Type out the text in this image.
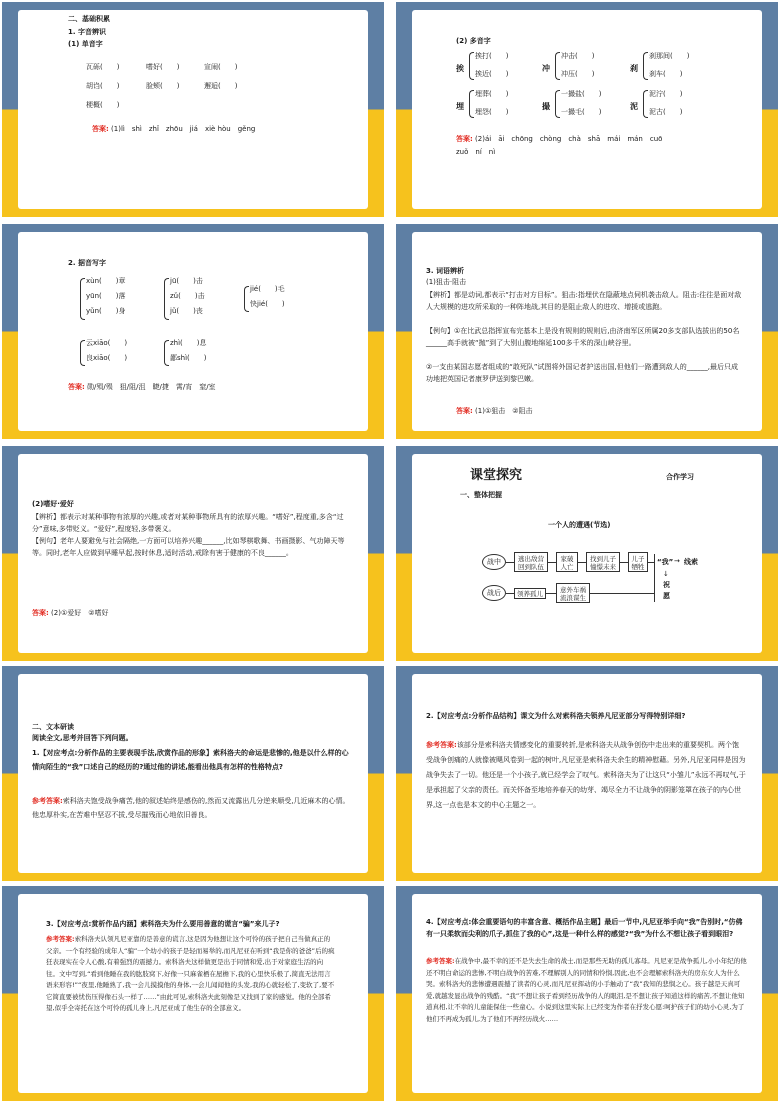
二、基础积累
1. 字音辨识
(1) 单音字
瓦砾(　　)	嗜好(　　)	宣闹(　　)
胡诌(　　)	脸颊(　　)	邂逅(　　)
梗概(　　)
答案: (1)lì　shì　zhǐ　zhōu　jiá　xiè hòu　gěng
(2) 多音字
挨
挨打(　　)
挨近(　　)
冲
冲击(　　)
冲压(　　)
刹
刹那间(　　)
刹车(　　)
埋
埋葬(　　)
埋怨(　　)
撮
一撮盐(　　)
一撮毛(　　)
泥
泥泞(　　)
泥古(　　)
答案: (2)ái　āi　chōng　chòng　chà　shā　mái　mán　cuō
zuǒ　ní　nì
2. 据音写字
xùn(　　)章
yūn(　　)落
yǔn(　　)身
jū(　　)击
zǔ(　　)击
jǔ(　　)丧
jié(　　)毛
快jié(　　)
云xiāo(　　)
良xiāo(　　)
zhì(　　)息
鄙shì(　　)
答案: 勋/殒/殒　狙/阻/沮　睫/捷　霄/宵　窒/室
3. 词语辨析
(1)狙击·阻击
【辨析】都是动词,都表示“打击对方目标”。狙击:指埋伏在隐蔽地点伺机袭击敌人。阻击:往往是面对敌人大规模的进攻所采取的一种阵地战,其目的是阻止敌人的进攻、增援或逃跑。
【例句】①在比武总指挥宣布完基本上是没有规则的规则后,由济南军区所属20多支部队选拔出的50名______高手就被“抛”到了大别山腹地绵延100多千米的深山峡谷里。
②一支由某国志愿者组成的“敢死队”试图将外国记者护送出国,但他们一路遭到敌人的______,最后只成功地把英国记者康罗伊送到黎巴嫩。
答案: (1)①狙击　②阻击
(2)嗜好·爱好
【辨析】都表示对某种事物有浓厚的兴趣,或者对某种事物所具有的浓厚兴趣。“嗜好”,程度重,多含“过分”意味,多带贬义。“爱好”,程度轻,多带褒义。
【例句】老年人要避免与社会隔绝,一方面可以培养兴趣______,比如琴棋歌舞、书画摄影、气功障天等等。同时,老年人应做到早睡早起,按时休息,适时活动,戒除有害于健康的不良______。
答案: (2)①爱好　②嗜好
课堂探究	合作学习
一、整体把握
一个人的遭遇(节选)
战中
战后
逃出敌营
回到队伍
家破
人亡
找到儿子
憧憬未来
儿子
牺牲
领养孤儿	意外车祸
流浪谋生
“我” → 线索
↓
祝
愿
二、文本研读
阅读全文,思考并回答下列问题。
1.【对应考点:分析作品的主要表现手法,欣赏作品的形象】索科洛夫的命运是悲惨的,他是以什么样的心情向陌生的“我”口述自己的经历的?通过他的讲述,能看出他具有怎样的性格特点?
参考答案:索科洛夫饱受战争痛苦,他的叙述始终是感伤的,然而又流露出几分逆来顺受,几近麻木的心情。他忠厚朴实,在苦难中坚忍不拔,受尽摧残而心地依旧善良。
2.【对应考点:分析作品结构】课文为什么对索科洛夫领养凡尼亚部分写得特别详细?
参考答案:该部分是索科洛夫情感变化的重要转折,是索科洛夫从战争创伤中走出来的重要契机。两个饱受战争创痛的人就像被飓风卷到一起的树叶,凡尼亚是索科洛夫余生的精神慰藉。另外,凡尼亚同样是因为战争失去了一切。他还是一个小孩子,就已经学会了叹气。索科洛夫为了让这只“小雏儿”永远不再叹气,于是承担起了父亲的责任。而关怀备至地培养春天的幼芽、竭尽全力不让战争的阴影笼罩在孩子的内心世界,这一点也是本文的中心主题之一。
3.【对应考点:赏析作品内涵】索科洛夫为什么要用善意的谎言“骗”来儿子?
参考答案:索科洛夫认领凡尼亚靠的是善意的谎言,这是因为他想让这个可怜的孩子把自己当做真正的父亲。一个有经验的成年人“骗”一个幼小的孩子是轻而易举的,而凡尼亚在听到“我是你的爸爸”后的疯狂表现实在令人心酸,有着强烈的震撼力。索科洛夫这样做更是出于同情和爱,出于对家庭生活的向往。文中写到,“看到他睡在我的肱肢窝下,好像一只麻雀栖在屋檐下,我的心里快乐极了,简直无法用言语来形容!”“夜里,他睡熟了,我一会儿摸摸他的身体,一会儿闻闻他的头发,我的心就轻松了,变软了,要不它简直要被忧伤压得像石头一样了……”由此可见,索科洛夫此刻像是又找到了家的感觉。他的全部希望,似乎全寄托在这个可怜的孤儿身上,凡尼亚成了他生存的全部意义。
4.【对应考点:体会重要语句的丰富含意、概括作品主题】最后一节中,凡尼亚举手向“我”告别时,“仿佛有一只柔软而尖利的爪子,抓住了我的心”,这是一种什么样的感觉?“我”为什么不想让孩子看到眼泪?
参考答案:在战争中,最不幸的还不是失去生命的战士,而是那些无助的孤儿寡母。凡尼亚是战争孤儿,小小年纪的他还不明白命运的悲惨,不明白战争的苦难,不理解别人的同情和怜悯,因此,也不会理解索科洛夫的房东女人为什么哭。索科洛夫的悲惨遭遇震撼了读者的心灵,而凡尼亚挥动的小手触动了“我”我知的悲悯之心。孩子越是天真可爱,就越发显出战争的残酷。“我”不想让孩子看到经历战争的人的眼泪,是不想让孩子知道这样的痛苦,不想让他知道真相,让不幸的儿童能保住一些童心。小说到这里实际上已经变为作者在抒发心愿:呵护孩子们的幼小心灵,为了他们不再成为孤儿,为了他们不再经历战火……
